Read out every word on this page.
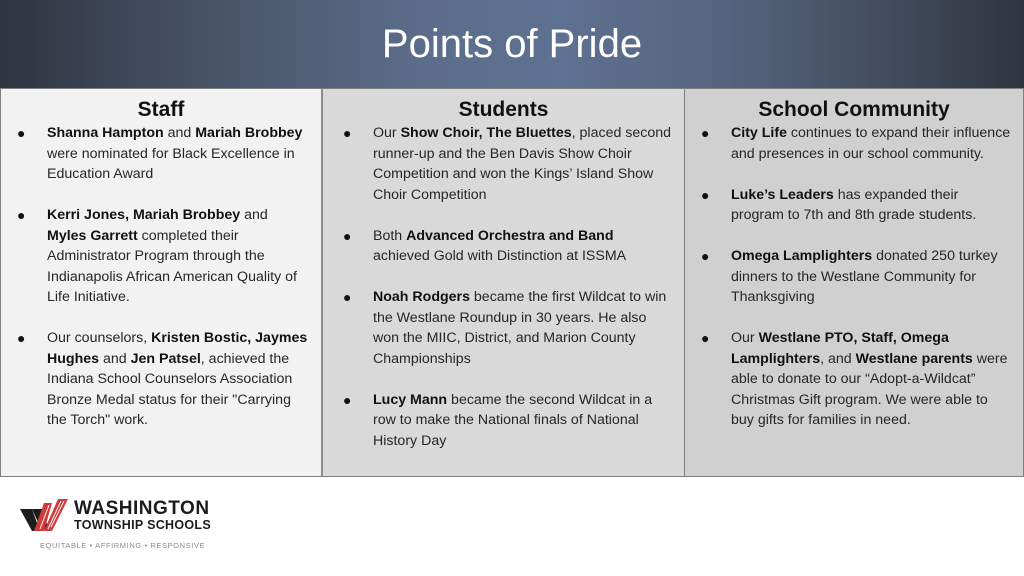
Points of Pride
Staff
● Shanna Hampton and Mariah Brobbey were nominated for Black Excellence in Education Award
● Kerri Jones, Mariah Brobbey and Myles Garrett completed their Administrator Program through the Indianapolis African American Quality of Life Initiative.
● Our counselors, Kristen Bostic, Jaymes Hughes and Jen Patsel, achieved the Indiana School Counselors Association Bronze Medal status for their "Carrying the Torch" work.
Students
● Our Show Choir, The Bluettes, placed second runner-up and the Ben Davis Show Choir Competition and won the Kings’ Island Show Choir Competition
● Both Advanced Orchestra and Band achieved Gold with Distinction at ISSMA
● Noah Rodgers became the first Wildcat to win the Westlane Roundup in 30 years. He also won the MIIC, District, and Marion County Championships
● Lucy Mann became the second Wildcat in a row to make the National finals of National History Day
School Community
● City Life continues to expand their influence and presences in our school community.
● Luke’s Leaders has expanded their program to 7th and 8th grade students.
● Omega Lamplighters donated 250 turkey dinners to the Westlane Community for Thanksgiving
● Our Westlane PTO, Staff, Omega Lamplighters, and Westlane parents were able to donate to our “Adopt-a-Wildcat” Christmas Gift program. We were able to buy gifts for families in need.
WASHINGTON
TOWNSHIP SCHOOLS
EQUITABLE • AFFIRMING • RESPONSIVE
